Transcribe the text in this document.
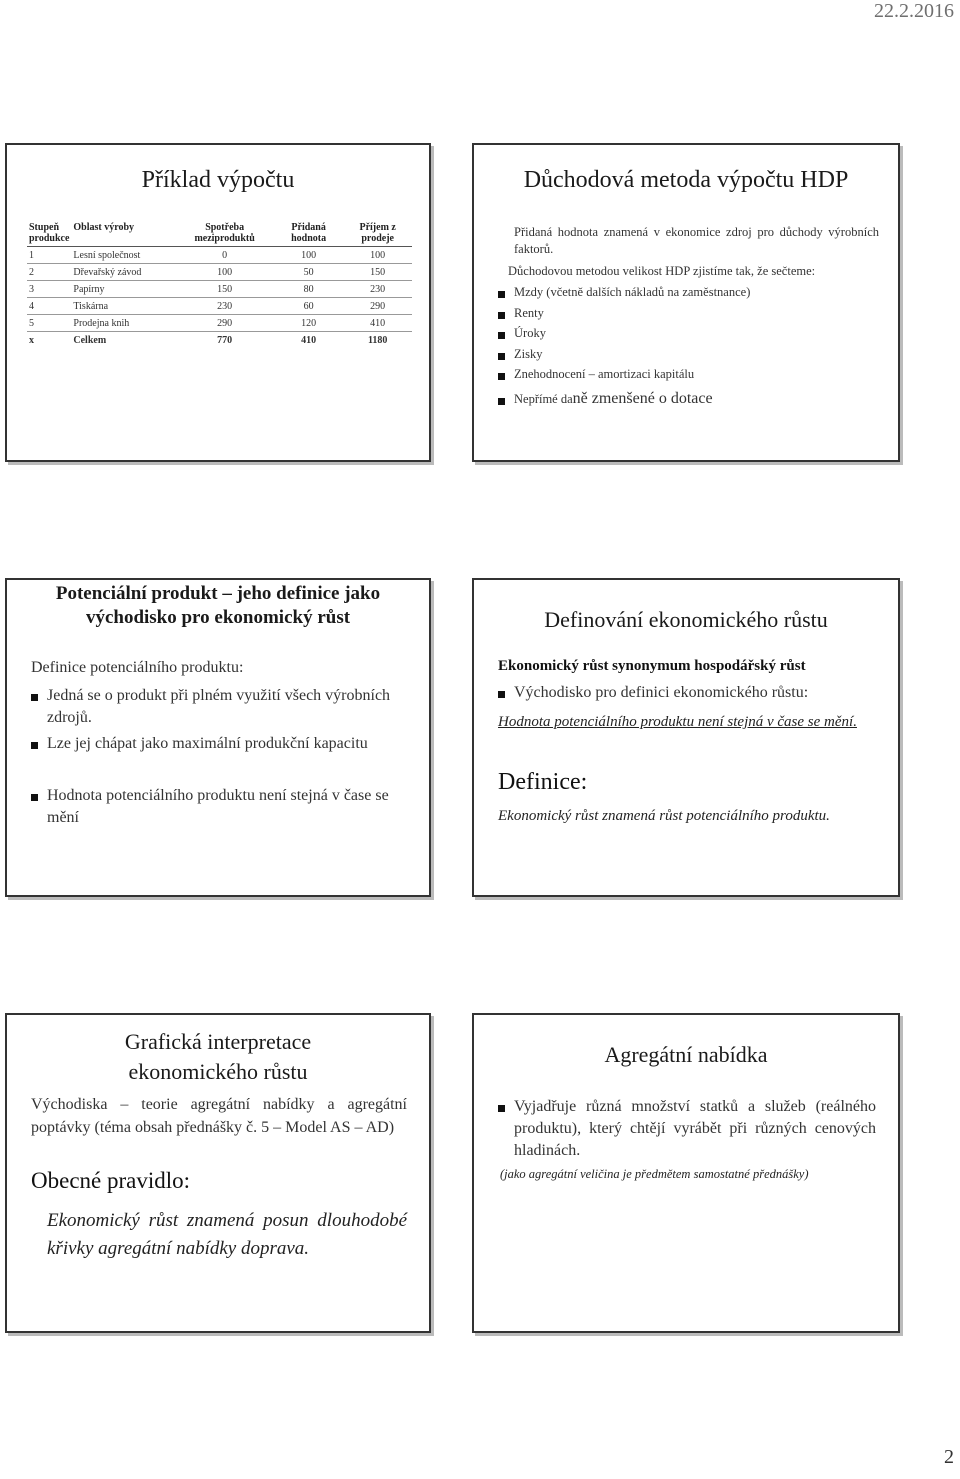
22.2.2016
Příklad výpočtu
Stupeň produkce	Oblast výroby	Spotřeba meziproduktů	Přidaná hodnota	Příjem z prodeje
1	Lesní společnost	0	100	100
2	Dřevařský závod	100	50	150
3	Papírny	150	80	230
4	Tiskárna	230	60	290
5	Prodejna knih	290	120	410
x	Celkem	770	410	1180
Důchodová metoda výpočtu HDP
Přidaná hodnota znamená v ekonomice zdroj pro důchody výrobních faktorů.
Důchodovou metodou velikost HDP zjistíme tak, že sečteme:
Mzdy (včetně dalších nákladů na zaměstnance)
Renty
Úroky
Zisky
Znehodnocení – amortizaci kapitálu
Nepřímé daně zmenšené o dotace
Potenciální produkt – jeho definice jako
východisko pro ekonomický růst
Definice potenciálního produktu:
Jedná se o produkt při plném využití všech výrobních zdrojů.
Lze jej chápat jako maximální produkční kapacitu
Hodnota potenciálního produktu není stejná v čase se mění
Definování ekonomického růstu
Ekonomický růst synonymum hospodářský růst
Východisko pro definici ekonomického růstu:
Hodnota potenciálního produktu není stejná v čase se mění.
Definice:
Ekonomický růst znamená růst potenciálního produktu.
Grafická interpretace
ekonomického růstu
Východiska – teorie agregátní nabídky a agregátní poptávky (téma obsah přednášky č. 5 – Model AS – AD)
Obecné pravidlo:
Ekonomický růst znamená posun dlouhodobé křivky agregátní nabídky doprava.
Agregátní nabídka
Vyjadřuje různá množství statků a služeb (reálného produktu), který chtějí vyrábět při různých cenových hladinách.
(jako agregátní veličina je předmětem samostatné přednášky)
2
